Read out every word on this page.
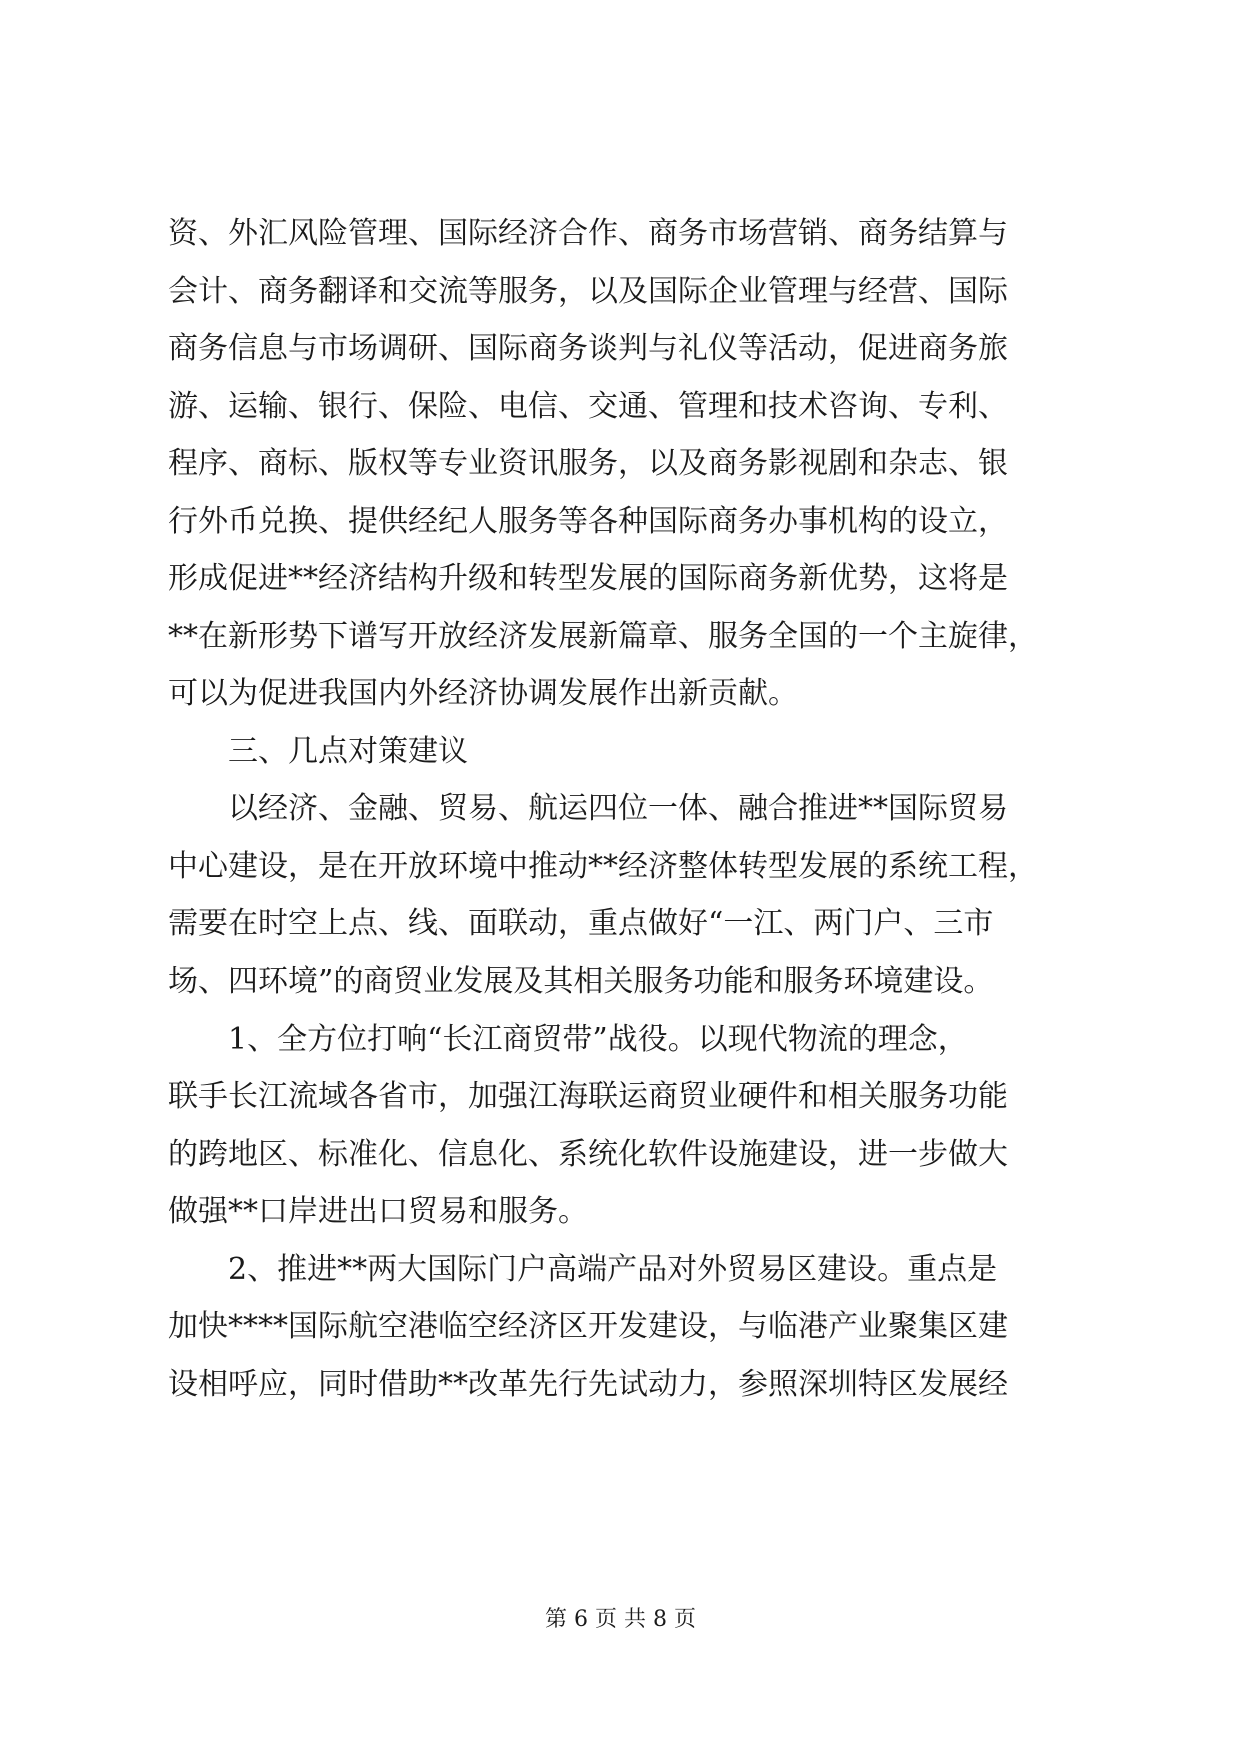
资、外汇风险管理、国际经济合作、商务市场营销、商务结算与
会计、商务翻译和交流等服务，以及国际企业管理与经营、国际
商务信息与市场调研、国际商务谈判与礼仪等活动，促进商务旅
游、运输、银行、保险、电信、交通、管理和技术咨询、专利、
程序、商标、版权等专业资讯服务，以及商务影视剧和杂志、银
行外币兑换、提供经纪人服务等各种国际商务办事机构的设立，
形成促进**经济结构升级和转型发展的国际商务新优势，这将是
**在新形势下谱写开放经济发展新篇章、服务全国的一个主旋律，
可以为促进我国内外经济协调发展作出新贡献。
三、几点对策建议
以经济、金融、贸易、航运四位一体、融合推进**国际贸易
中心建设，是在开放环境中推动**经济整体转型发展的系统工程，
需要在时空上点、线、面联动，重点做好“一江、两门户、三市
场、四环境”的商贸业发展及其相关服务功能和服务环境建设。
1、全方位打响“长江商贸带”战役。以现代物流的理念，
联手长江流域各省市，加强江海联运商贸业硬件和相关服务功能
的跨地区、标准化、信息化、系统化软件设施建设，进一步做大
做强**口岸进出口贸易和服务。
2、推进**两大国际门户高端产品对外贸易区建设。重点是
加快****国际航空港临空经济区开发建设，与临港产业聚集区建
设相呼应，同时借助**改革先行先试动力，参照深圳特区发展经
第 6 页 共 8 页
